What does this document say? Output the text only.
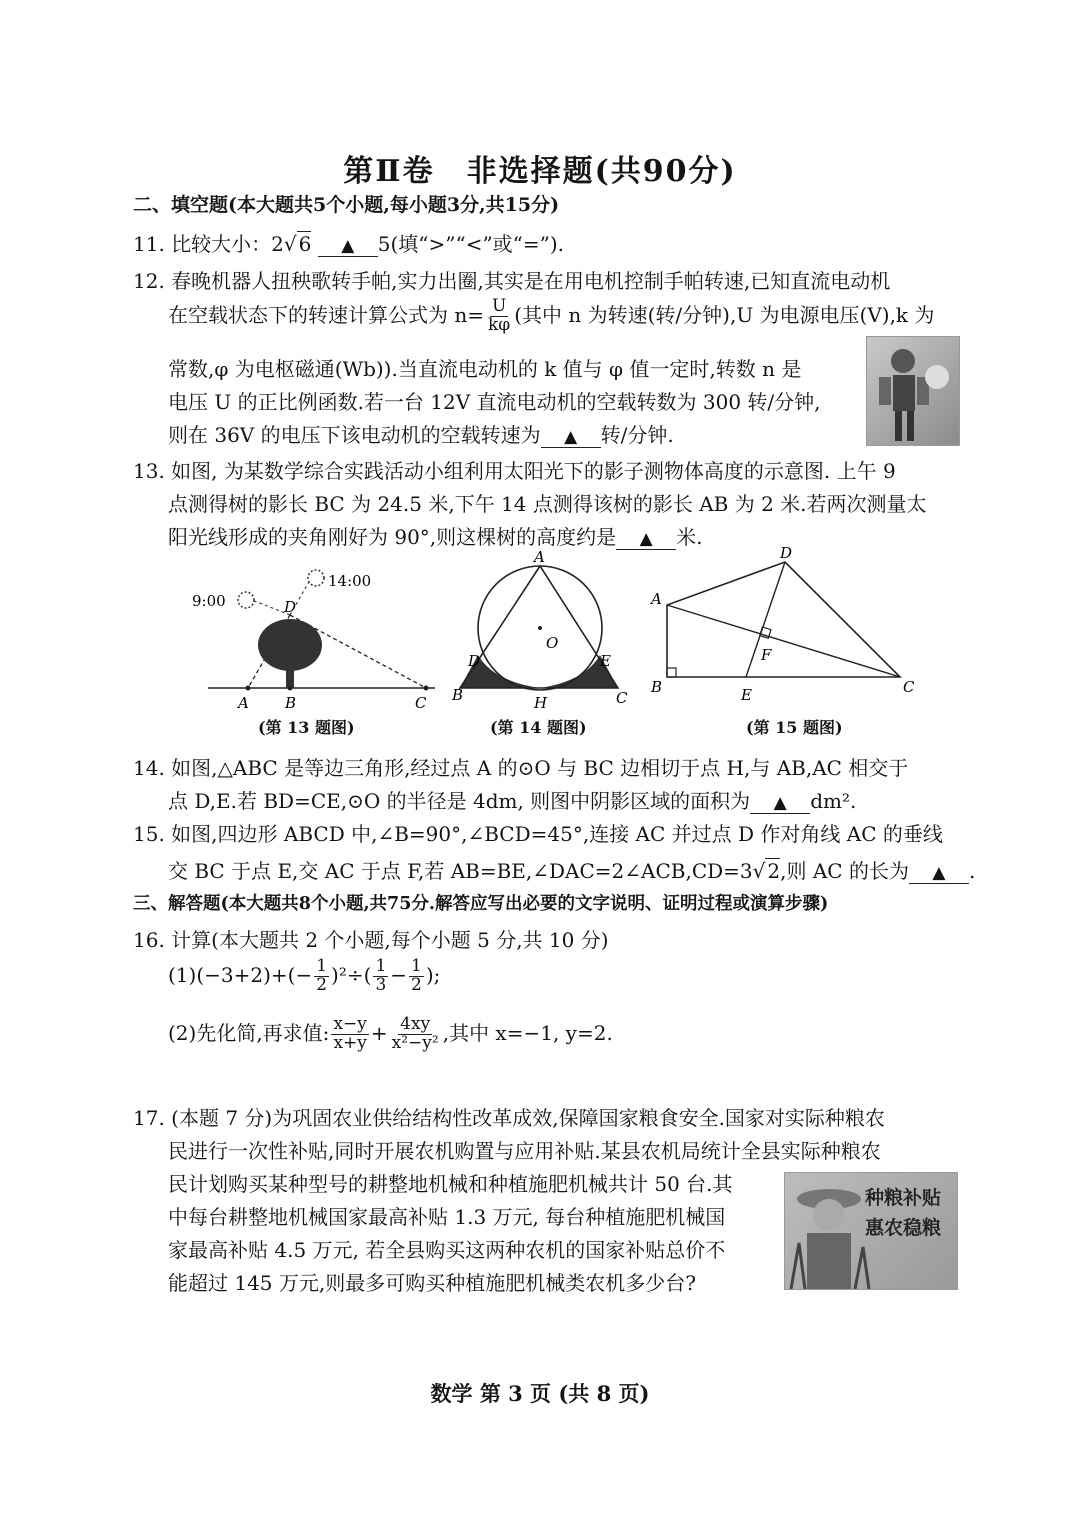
第Ⅱ卷　非选择题(共90分)
二、填空题(本大题共5个小题,每小题3分,共15分)
11. 比较大小：2√ 6 ▲ 5(填“>”“<”或“=”).
12. 春晚机器人扭秧歌转手帕,实力出圈,其实是在用电机控制手帕转速,已知直流电动机
在空载状态下的转速计算公式为 $n= \frac{U}{k\varphi}$ (其中 n 为转速(转/分钟),U 为电源电压(V),k 为
常数,φ 为电枢磁通(Wb)).当直流电动机的 k 值与 φ 值一定时,转数 n 是
电压 U 的正比例函数.若一台 12V 直流电动机的空载转数为 300 转/分钟,
则在 36V 的电压下该电动机的空载转速为 ▲ 转/分钟.
13. 如图, 为某数学综合实践活动小组利用太阳光下的影子测物体高度的示意图. 上午 9
点测得树的影长 BC 为 24.5 米,下午 14 点测得该树的影长 AB 为 2 米.若两次测量太
阳光线形成的夹角刚好为 90°,则这棵树的高度约是 ▲ 米.
9:00
14:00
A B	C
D
(第 13 题图)
A
B	C
D	E
H
O
(第 14 题图)
A
B	C
D
E
F
(第 15 题图)
14. 如图,△ABC 是等边三角形,经过点 A 的⊙O 与 BC 边相切于点 H,与 AB,AC 相交于
点 D,E.若 BD=CE,⊙O 的半径是 4dm, 则图中阴影区域的面积为 ▲ dm².
15. 如图,四边形 ABCD 中,∠B=90°,∠BCD=45°,连接 AC 并过点 D 作对角线 AC 的垂线
交 BC 于点 E,交 AC 于点 F,若 AB=BE,∠DAC=2∠ACB,CD=3√ 2,则 AC 的长为 ▲ .
三、解答题(本大题共8个小题,共75分.解答应写出必要的文字说明、证明过程或演算步骤)
16. 计算(本大题共 2 个小题,每个小题 5 分,共 10 分)
$(1)(-3+2)+(- \frac{1}{2} )^2\div( \frac{1}{3} - \frac{1}{2}$ );
(2)先化简,再求值: $\frac{x-y}{x+y} + \frac{4xy}{\text{x²−y²}}$ ,其中 x=−1, y=2.
17. (本题 7 分)为巩固农业供给结构性改革成效,保障国家粮食安全.国家对实际种粮农
民进行一次性补贴,同时开展农机购置与应用补贴.某县农机局统计全县实际种粮农
民计划购买某种型号的耕整地机械和种植施肥机械共计 50 台.其
中每台耕整地机械国家最高补贴 1.3 万元, 每台种植施肥机械国
家最高补贴 4.5 万元, 若全县购买这两种农机的国家补贴总价不
能超过 145 万元,则最多可购买种植施肥机械类农机多少台?
种粮补贴
惠农稳粮
数学 第 3 页 (共 8 页)
